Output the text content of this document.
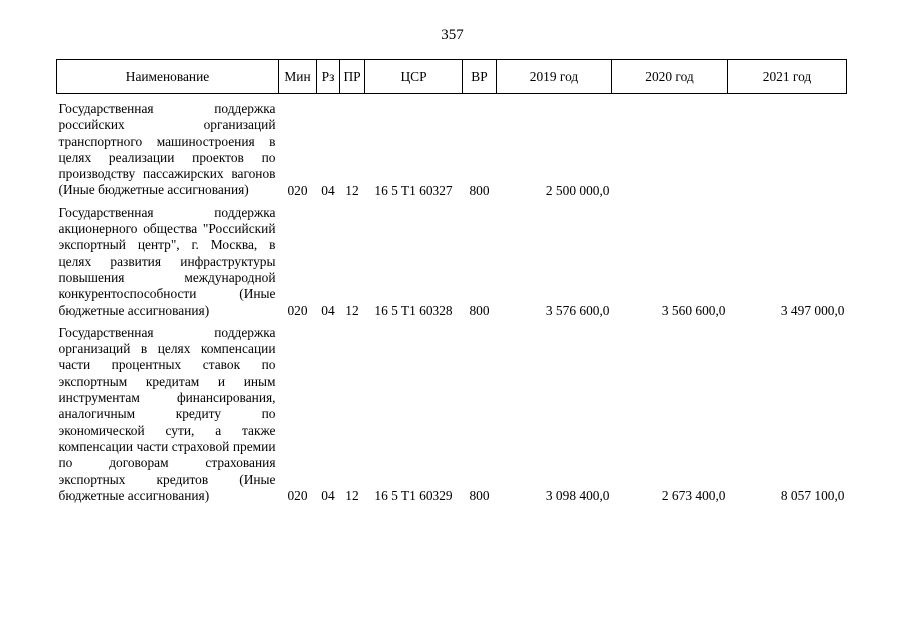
357
Наименование	Мин	Рз	ПР	ЦСР	ВР	2019 год	2020 год	2021 год
Государственная поддержка российских организаций транспортного машиностроения в целях реализации проектов по производству пассажирских вагонов (Иные бюджетные ассигнования)	020	04	12	16 5 T1 60327	800	2 500 000,0		
Государственная поддержка акционерного общества "Российский экспортный центр", г. Москва, в целях развития инфраструктуры повышения международной конкурентоспособности (Иные бюджетные ассигнования)	020	04	12	16 5 T1 60328	800	3 576 600,0	3 560 600,0	3 497 000,0
Государственная поддержка организаций в целях компенсации части процентных ставок по экспортным кредитам и иным инструментам финансирования, аналогичным кредиту по экономической сути, а также компенсации части страховой премии по договорам страхования экспортных кредитов (Иные бюджетные ассигнования)	020	04	12	16 5 T1 60329	800	3 098 400,0	2 673 400,0	8 057 100,0
